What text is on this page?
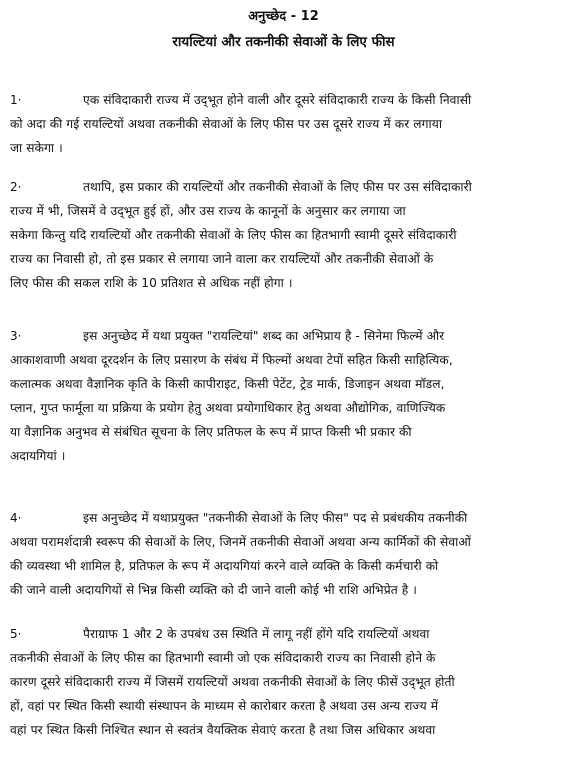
अनुच्छेद - 12
रायल्टियां और तकनीकी सेवाओं के लिए फीस
1·	एक संविदाकारी राज्य में उद्‌भूत होने वाली और दूसरे संविदाकारी राज्य के किसी निवासी
को अदा की गई रायल्टियों अथवा तकनीकी सेवाओं के लिए फीस पर उस दूसरे राज्य में कर लगाया
जा सकेगा ।
2·	तथापि, इस प्रकार की रायल्टियों और तकनीकी सेवाओं के लिए फीस पर उस संविदाकारी
राज्य में भी, जिसमें वे उद्‌भूत हुई हों, और उस राज्य के कानूनों के अनुसार कर लगाया जा
सकेगा किन्तु यदि रायल्टियों और तकनीकी सेवाओं के लिए फीस का हितभागी स्वामी दूसरे संविदाकारी
राज्य का निवासी हो, तो इस प्रकार से लगाया जाने वाला कर रायल्टियों और तकनीकी सेवाओं के
लिए फीस की सकल राशि के 10 प्रतिशत से अधिक नहीं होगा ।
3·	इस अनुच्छेद में यथा प्रयुक्त "रायल्टियां" शब्द का अभिप्राय है - सिनेमा फिल्में और
आकाशवाणी अथवा दूरदर्शन के लिए प्रसारण के संबंध में फिल्मों अथवा टेपों सहित किसी साहित्यिक,
कलात्मक अथवा वैज्ञानिक कृति के किसी कापीराइट, किसी पेटेंट, ट्रेड मार्क, डिजाइन अथवा मॉडल,
प्लान, गुप्त फार्मूला या प्रक्रिया के प्रयोग हेतु अथवा प्रयोगाधिकार हेतु अथवा औद्योगिक, वाणिज्यिक
या वैज्ञानिक अनुभव से संबंधित सूचना के लिए प्रतिफल के रूप में प्राप्त किसी भी प्रकार की
अदायगियां ।
4·	इस अनुच्छेद में यथाप्रयुक्त "तकनीकी सेवाओं के लिए फीस" पद से प्रबंधकीय तकनीकी
अथवा परामर्शदात्री स्वरूप की सेवाओं के लिए, जिनमें तकनीकी सेवाओं अथवा अन्य कार्मिकों की सेवाओं
की व्यवस्था भी शामिल है, प्रतिफल के रूप में अदायगियां करने वाले व्यक्ति के किसी कर्मचारी को
की जाने वाली अदायगियों से भिन्न किसी व्यक्ति को दी जाने वाली कोई भी राशि अभिप्रेत है ।
5·	पैराग्राफ 1 और 2 के उपबंध उस स्थिति में लागू नहीं होंगे यदि रायल्टियों अथवा
तकनीकी सेवाओं के लिए फीस का हितभागी स्वामी जो एक संविदाकारी राज्य का निवासी होने के
कारण दूसरे संविदाकारी राज्य में जिसमें रायल्टियों अथवा तकनीकी सेवाओं के लिए फीसें उद्‌भूत होती
हों, वहां पर स्थित किसी स्थायी संस्थापन के माध्यम से कारोबार करता है अथवा उस अन्य राज्य में
वहां पर स्थित किसी निश्चित स्थान से स्वतंत्र वैयक्तिक सेवाएं करता है तथा जिस अधिकार अथवा
